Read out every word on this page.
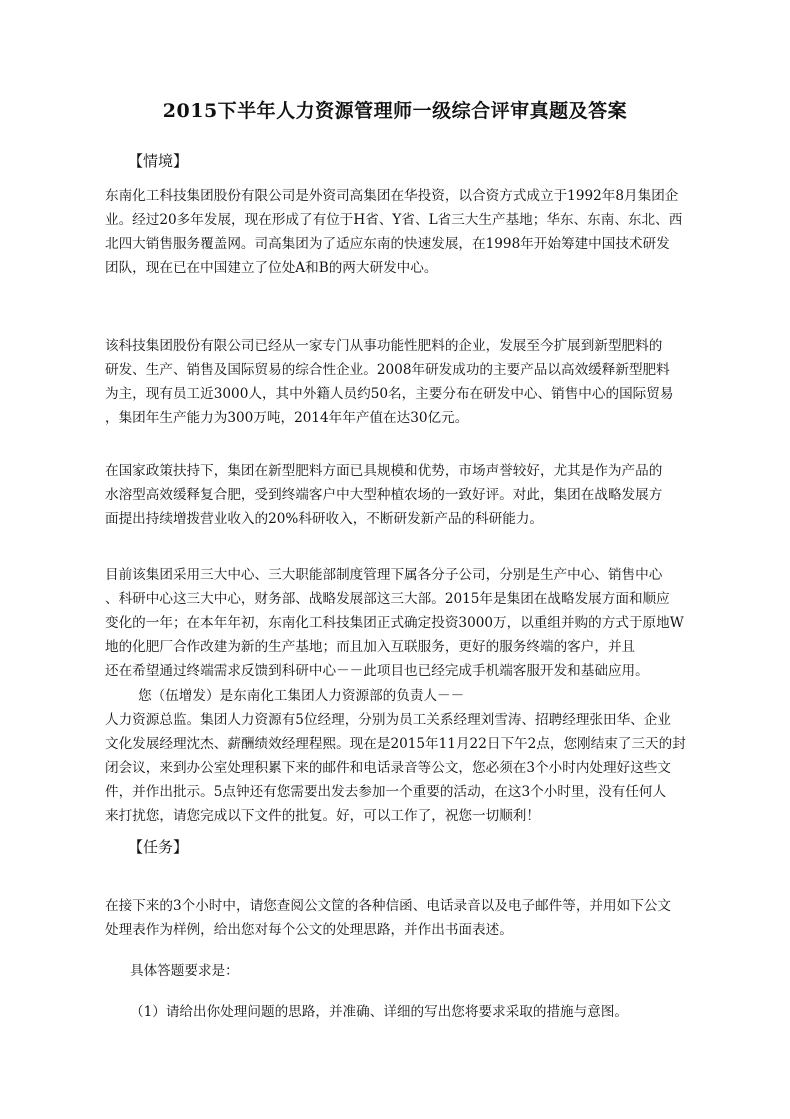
2015下半年人力资源管理师一级综合评审真题及答案
【情境】
东南化工科技集团股份有限公司是外资司高集团在华投资，以合资方式成立于1992年8月集团企
业。经过20多年发展，现在形成了有位于H省、Y省、L省三大生产基地；华东、东南、东北、西
北四大销售服务覆盖网。司高集团为了适应东南的快速发展，在1998年开始筹建中国技术研发
团队，现在已在中国建立了位处A和B的两大研发中心。
该科技集团股份有限公司已经从一家专门从事功能性肥料的企业，发展至今扩展到新型肥料的
研发、生产、销售及国际贸易的综合性企业。2008年研发成功的主要产品以高效缓释新型肥料
为主，现有员工近3000人，其中外籍人员约50名，主要分布在研发中心、销售中心的国际贸易
，集团年生产能力为300万吨，2014年年产值在达30亿元。
在国家政策扶持下，集团在新型肥料方面已具规模和优势，市场声誉较好，尤其是作为产品的
水溶型高效缓释复合肥，受到终端客户中大型种植农场的一致好评。对此，集团在战略发展方
面提出持续增拨营业收入的20%科研收入，不断研发新产品的科研能力。
目前该集团采用三大中心、三大职能部制度管理下属各分子公司，分别是生产中心、销售中心
、科研中心这三大中心，财务部、战略发展部这三大部。2015年是集团在战略发展方面和顺应
变化的一年；在本年年初，东南化工科技集团正式确定投资3000万，以重组并购的方式于原地W
地的化肥厂合作改建为新的生产基地；而且加入互联服务，更好的服务终端的客户，并且
还在希望通过终端需求反馈到科研中心－－此项目也已经完成手机端客服开发和基础应用。
您（伍增发）是东南化工集团人力资源部的负责人－－
人力资源总监。集团人力资源有5位经理，分别为员工关系经理刘雪涛、招聘经理张田华、企业
文化发展经理沈杰、薪酬绩效经理程熙。现在是2015年11月22日下午2点，您刚结束了三天的封
闭会议，来到办公室处理积累下来的邮件和电话录音等公文，您必须在3个小时内处理好这些文
件，并作出批示。5点钟还有您需要出发去参加一个重要的活动，在这3个小时里，没有任何人
来打扰您，请您完成以下文件的批复。好，可以工作了，祝您一切顺利！
【任务】
在接下来的3个小时中，请您查阅公文筐的各种信函、电话录音以及电子邮件等，并用如下公文
处理表作为样例，给出您对每个公文的处理思路，并作出书面表述。
具体答题要求是：
（1）请给出你处理问题的思路，并准确、详细的写出您将要求采取的措施与意图。
